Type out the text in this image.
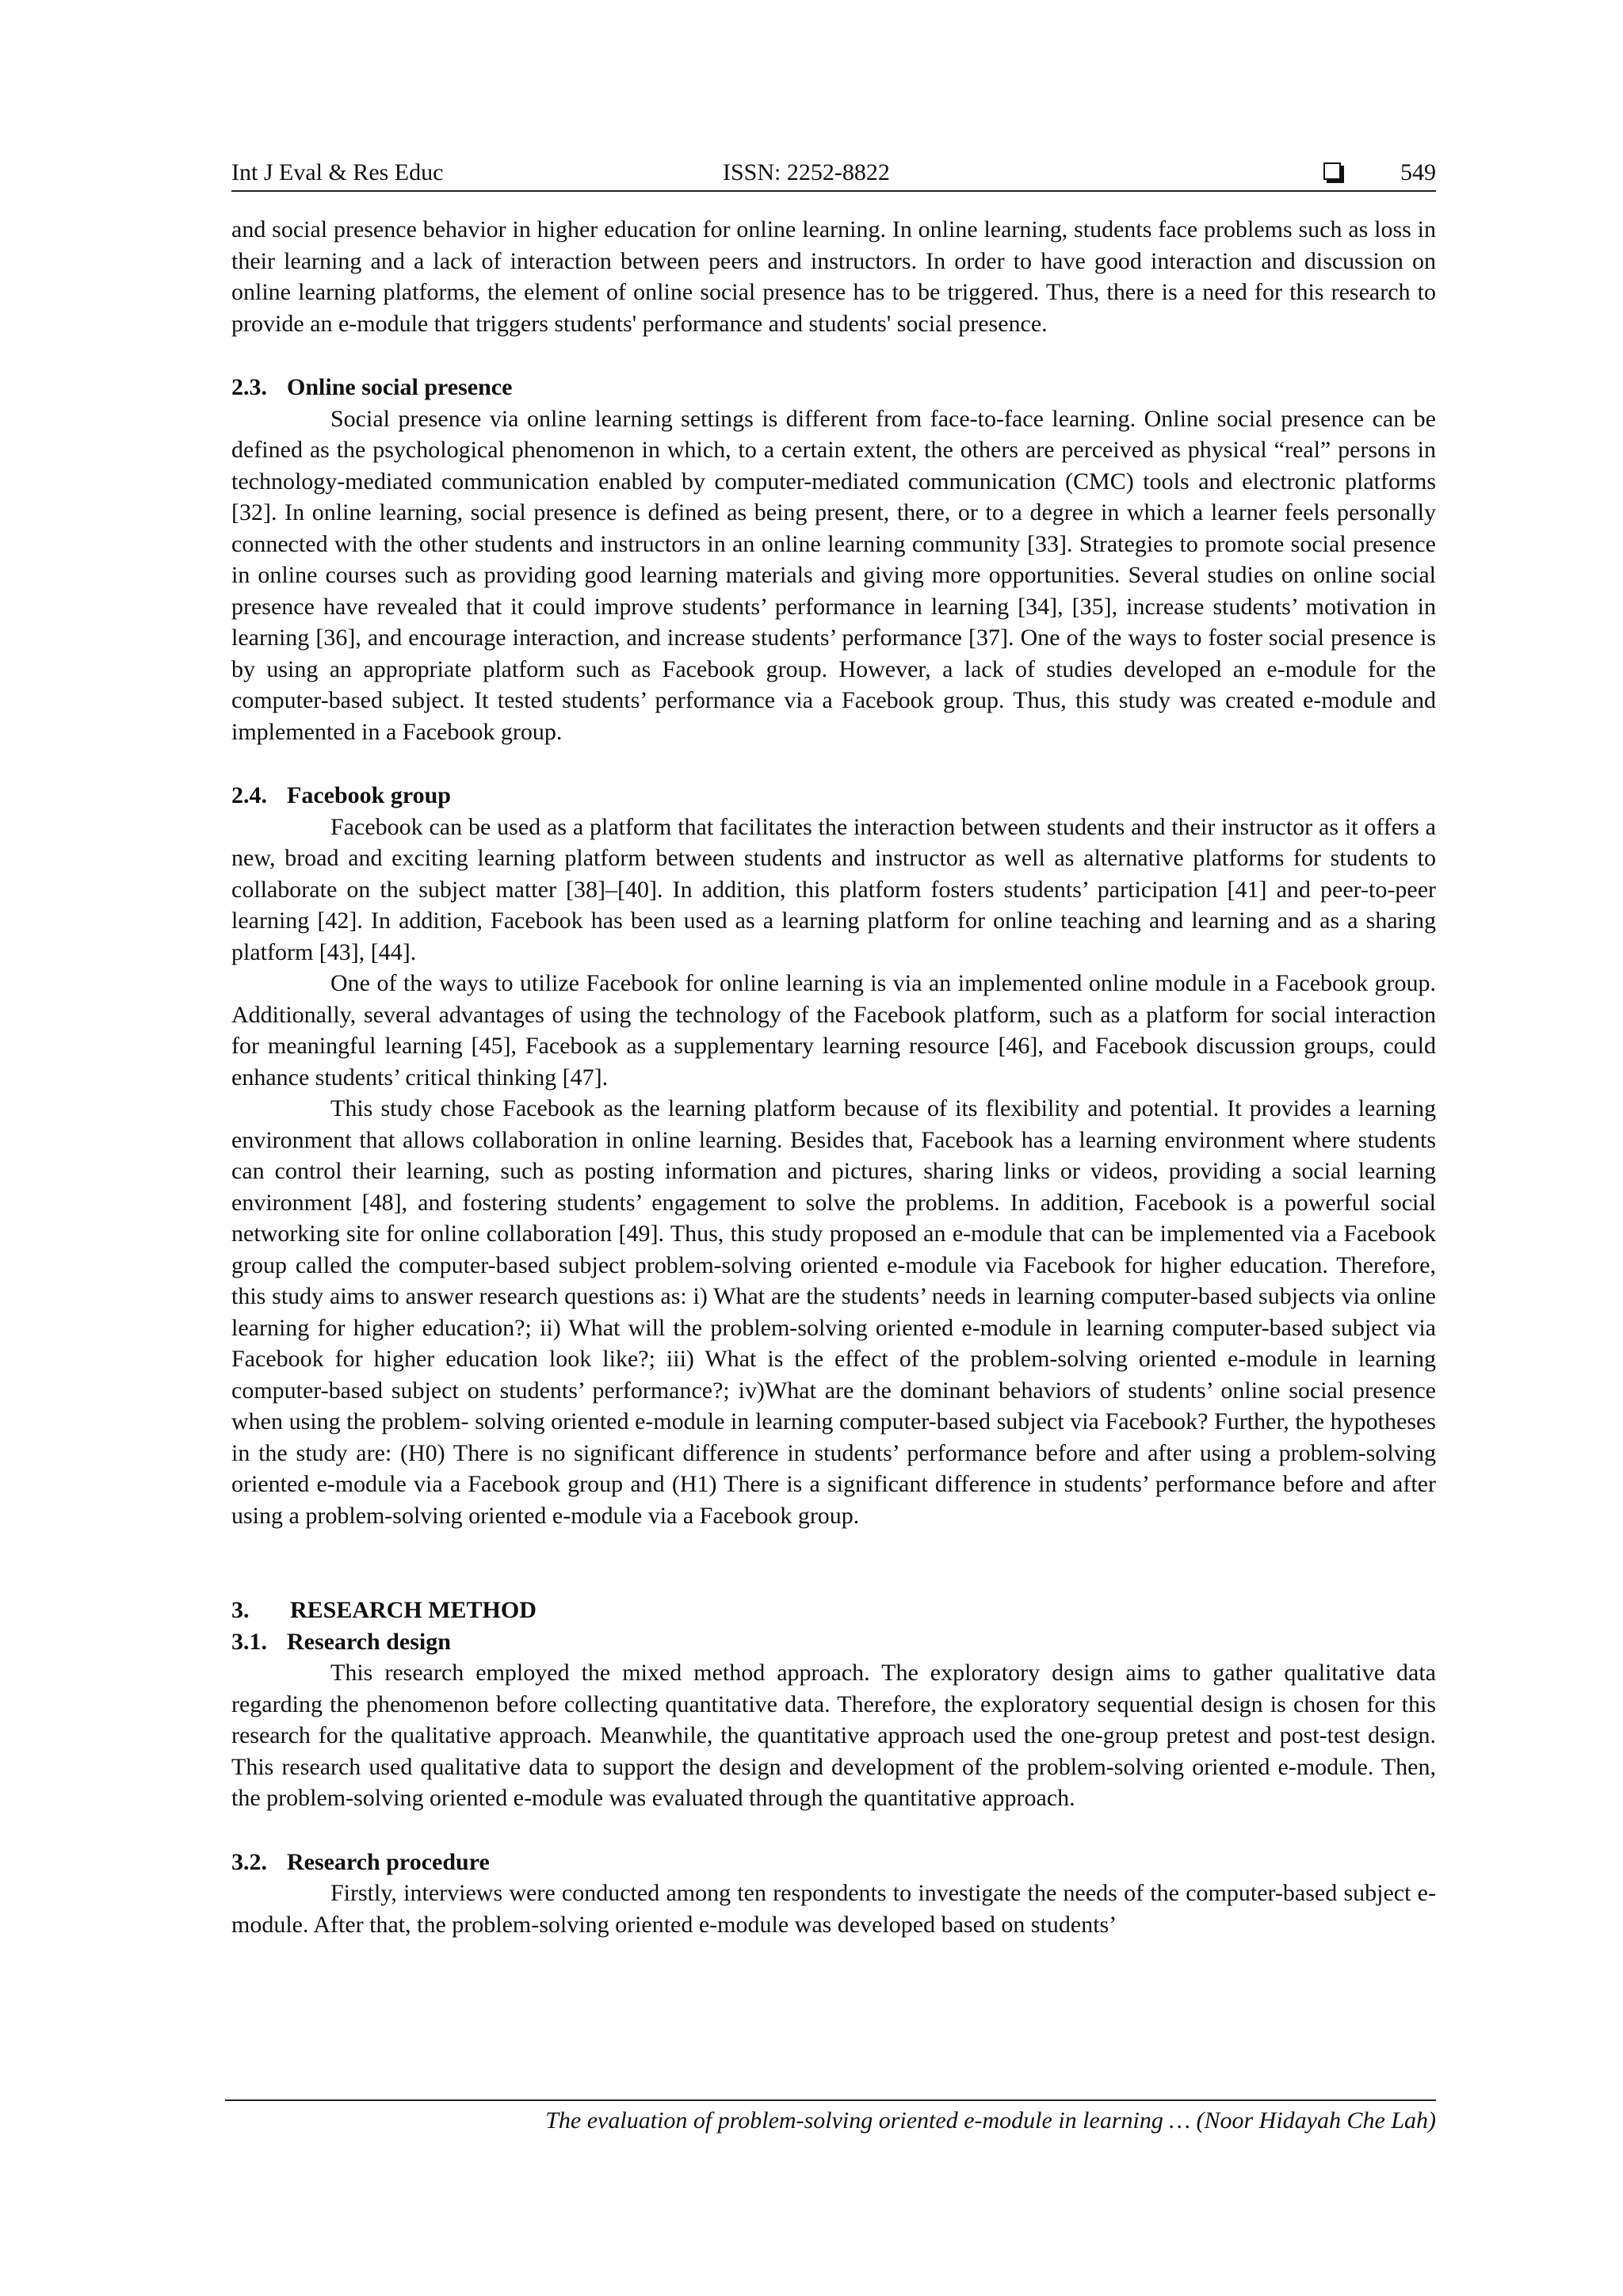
Int J Eval & Res Educ	ISSN: 2252-8822	549

and social presence behavior in higher education for online learning. In online learning, students face problems such as loss in their learning and a lack of interaction between peers and instructors. In order to have good interaction and discussion on online learning platforms, the element of online social presence has to be triggered. Thus, there is a need for this research to provide an e-module that triggers students' performance and students' social presence.

2.3. Online social presence

Social presence via online learning settings is different from face-to-face learning. Online social presence can be defined as the psychological phenomenon in which, to a certain extent, the others are perceived as physical “real” persons in technology-mediated communication enabled by computer-mediated communication (CMC) tools and electronic platforms [32]. In online learning, social presence is defined as being present, there, or to a degree in which a learner feels personally connected with the other students and instructors in an online learning community [33]. Strategies to promote social presence in online courses such as providing good learning materials and giving more opportunities. Several studies on online social presence have revealed that it could improve students’ performance in learning [34], [35], increase students’ motivation in learning [36], and encourage interaction, and increase students’ performance [37]. One of the ways to foster social presence is by using an appropriate platform such as Facebook group. However, a lack of studies developed an e-module for the computer-based subject. It tested students’ performance via a Facebook group. Thus, this study was created e-module and implemented in a Facebook group.

2.4. Facebook group

Facebook can be used as a platform that facilitates the interaction between students and their instructor as it offers a new, broad and exciting learning platform between students and instructor as well as alternative platforms for students to collaborate on the subject matter [38]–[40]. In addition, this platform fosters students’ participation [41] and peer-to-peer learning [42]. In addition, Facebook has been used as a learning platform for online teaching and learning and as a sharing platform [43], [44].

One of the ways to utilize Facebook for online learning is via an implemented online module in a Facebook group. Additionally, several advantages of using the technology of the Facebook platform, such as a platform for social interaction for meaningful learning [45], Facebook as a supplementary learning resource [46], and Facebook discussion groups, could enhance students’ critical thinking [47].

This study chose Facebook as the learning platform because of its flexibility and potential. It provides a learning environment that allows collaboration in online learning. Besides that, Facebook has a learning environment where students can control their learning, such as posting information and pictures, sharing links or videos, providing a social learning environment [48], and fostering students’ engagement to solve the problems. In addition, Facebook is a powerful social networking site for online collaboration [49]. Thus, this study proposed an e-module that can be implemented via a Facebook group called the computer-based subject problem-solving oriented e-module via Facebook for higher education. Therefore, this study aims to answer research questions as: i) What are the students’ needs in learning computer-based subjects via online learning for higher education?; ii) What will the problem-solving oriented e-module in learning computer-based subject via Facebook for higher education look like?; iii) What is the effect of the problem-solving oriented e-module in learning computer-based subject on students’ performance?; iv)What are the dominant behaviors of students’ online social presence when using the problem- solving oriented e-module in learning computer-based subject via Facebook? Further, the hypotheses in the study are: (H0) There is no significant difference in students’ performance before and after using a problem-solving oriented e-module via a Facebook group and (H1) There is a significant difference in students’ performance before and after using a problem-solving oriented e-module via a Facebook group.

3. RESEARCH METHOD
3.1. Research design

This research employed the mixed method approach. The exploratory design aims to gather qualitative data regarding the phenomenon before collecting quantitative data. Therefore, the exploratory sequential design is chosen for this research for the qualitative approach. Meanwhile, the quantitative approach used the one-group pretest and post-test design. This research used qualitative data to support the design and development of the problem-solving oriented e-module. Then, the problem-solving oriented e-module was evaluated through the quantitative approach.

3.2. Research procedure

Firstly, interviews were conducted among ten respondents to investigate the needs of the computer-based subject e-module. After that, the problem-solving oriented e-module was developed based on students’

The evaluation of problem-solving oriented e-module in learning … (Noor Hidayah Che Lah)
